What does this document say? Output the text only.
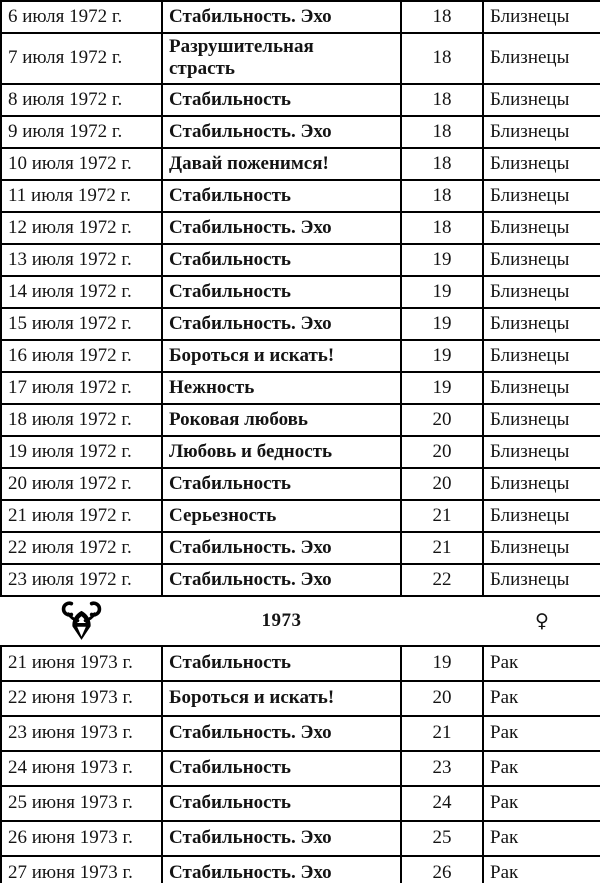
6 июля 1972 г.	Стабильность. Эхо	18	Близнецы
7 июля 1972 г.	Разрушительная страсть	18	Близнецы
8 июля 1972 г.	Стабильность	18	Близнецы
9 июля 1972 г.	Стабильность. Эхо	18	Близнецы
10 июля 1972 г.	Давай поженимся!	18	Близнецы
11 июля 1972 г.	Стабильность	18	Близнецы
12 июля 1972 г.	Стабильность. Эхо	18	Близнецы
13 июля 1972 г.	Стабильность	19	Близнецы
14 июля 1972 г.	Стабильность	19	Близнецы
15 июля 1972 г.	Стабильность. Эхо	19	Близнецы
16 июля 1972 г.	Бороться и искать!	19	Близнецы
17 июля 1972 г.	Нежность	19	Близнецы
18 июля 1972 г.	Роковая любовь	20	Близнецы
19 июля 1972 г.	Любовь и бедность	20	Близнецы
20 июля 1972 г.	Стабильность	20	Близнецы
21 июля 1972 г.	Серьезность	21	Близнецы
22 июля 1972 г.	Стабильность. Эхо	21	Близнецы
23 июля 1972 г.	Стабильность. Эхо	22	Близнецы
	1973		♀
21 июня 1973 г.	Стабильность	19	Рак
22 июня 1973 г.	Бороться и искать!	20	Рак
23 июня 1973 г.	Стабильность. Эхо	21	Рак
24 июня 1973 г.	Стабильность	23	Рак
25 июня 1973 г.	Стабильность	24	Рак
26 июня 1973 г.	Стабильность. Эхо	25	Рак
27 июня 1973 г.	Стабильность. Эхо	26	Рак
